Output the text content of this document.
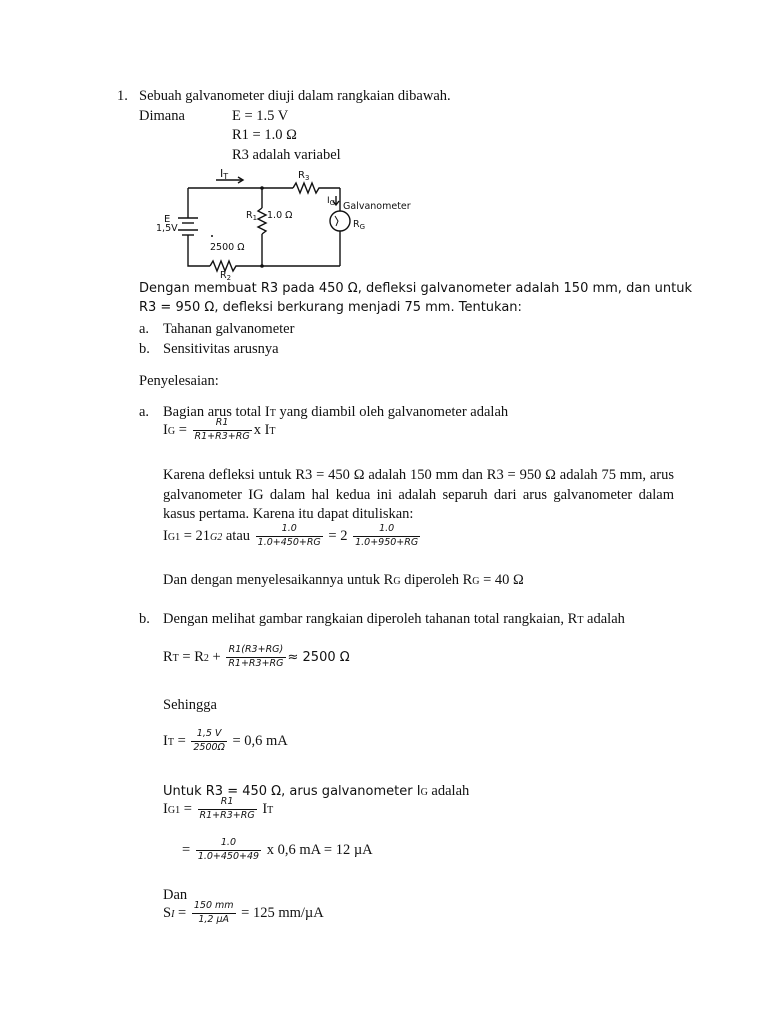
1. Sebuah galvanometer diuji dalam rangkaian dibawah.
Dimana	E = 1.5 V
R1 = 1.0 Ω
R3 adalah variabel
IT	$R_3$
$I_G$ Galvanometer
$R_G$
E
1,5V
$R_1$ 1.0 Ω
2500 Ω
$R_2$
Dengan membuat R3 pada 450 Ω, defleksi galvanometer adalah 150 mm, dan untuk
R3 = 950 Ω, defleksi berkurang menjadi 75 mm. Tentukan:
a. Tahanan galvanometer
b. Sensitivitas arusnya
Penyelesaian:
a. Bagian arus total IT yang diambil oleh galvanometer adalah
IG = $\frac{R1}{R1+R3+RG}$ x IT
Karena defleksi untuk R3 = 450 Ω adalah 150 mm dan R3 = 950 Ω adalah 75 mm, arus galvanometer IG dalam hal kedua ini adalah separuh dari arus galvanometer dalam kasus pertama. Karena itu dapat dituliskan:
IG1 = 21G2 atau $\frac{1.0}{1.0+450+RG} = 2 \frac{1.0}{1.0+950+RG}$
Dan dengan menyelesaikannya untuk RG diperoleh RG = 40 Ω
b. Dengan melihat gambar rangkaian diperoleh tahanan total rangkaian, RT adalah
RT = $R2 + \frac{R1(R3+RG)}{R1+R3+RG} \approx 2500$ Ω
Sehingga
IT = $\frac{1,5 V}{2500\Omega} = 0,6$ mA
Untuk R3 = 450 Ω, arus galvanometer IG adalah
$IG1 = \frac{R1}{R1+R3+RG}$ IT
= $\frac{1.0}{1.0+450+49}$ x 0,6 mA = 12 µA
Dan
SI = $\frac{150 mm}{\text{1,2 µA}} = 125$ mm/µA
